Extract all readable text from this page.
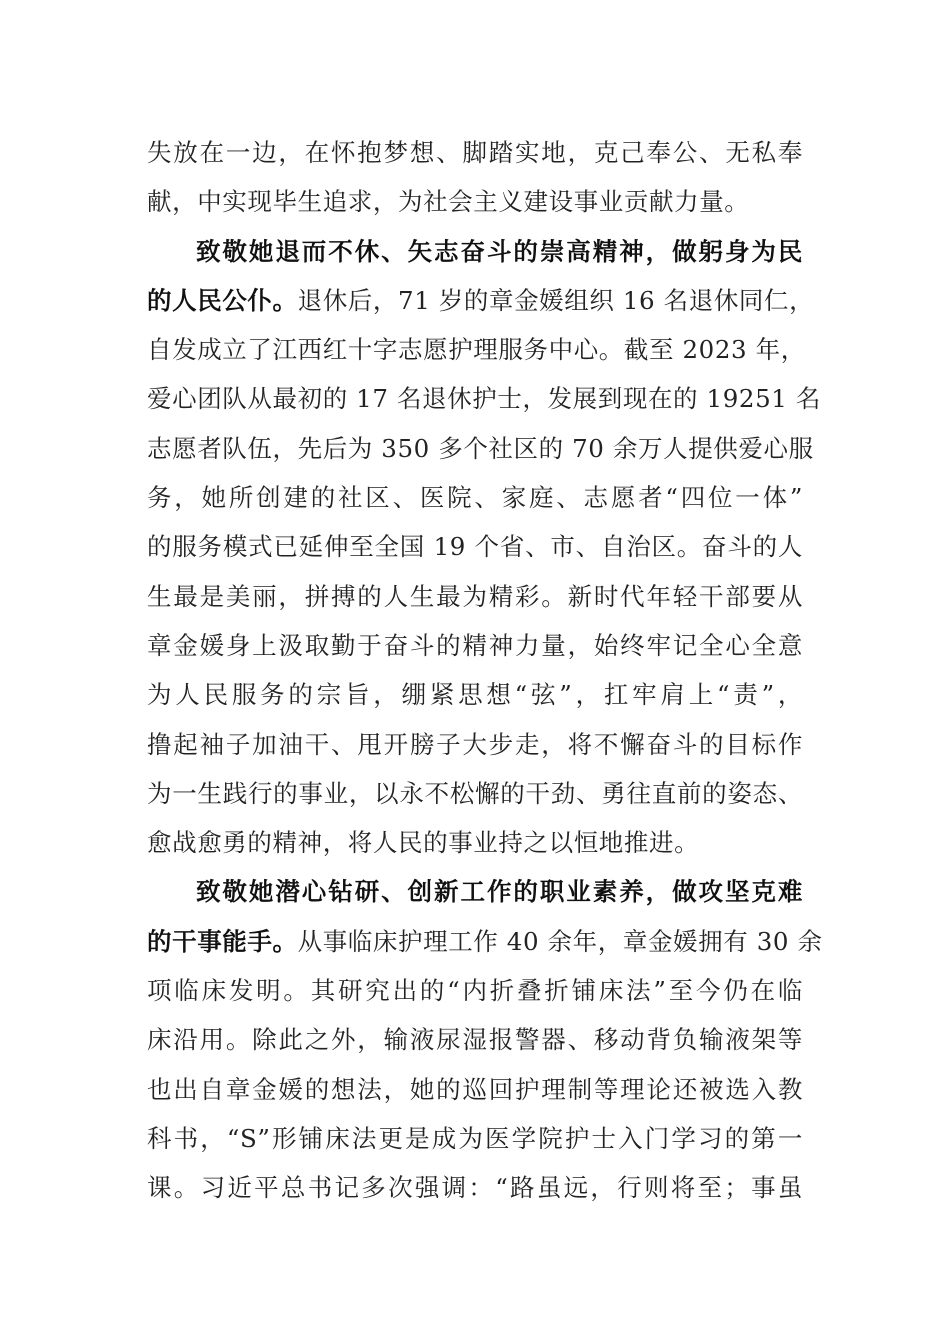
失放在一边，在怀抱梦想、脚踏实地，克己奉公、无私奉
献，中实现毕生追求，为社会主义建设事业贡献力量。
致敬她退而不休、矢志奋斗的崇高精神，做躬身为民
的人民公仆。退休后，71 岁的章金媛组织 16 名退休同仁，
自发成立了江西红十字志愿护理服务中心。截至 2023 年，
爱心团队从最初的 17 名退休护士，发展到现在的 19251 名
志愿者队伍，先后为 350 多个社区的 70 余万人提供爱心服
务，她所创建的社区、医院、家庭、志愿者“四位一体”
的服务模式已延伸至全国 19 个省、市、自治区。奋斗的人
生最是美丽，拼搏的人生最为精彩。新时代年轻干部要从
章金媛身上汲取勤于奋斗的精神力量，始终牢记全心全意
为人民服务的宗旨，绷紧思想“弦”，扛牢肩上“责”，
撸起袖子加油干、甩开膀子大步走，将不懈奋斗的目标作
为一生践行的事业，以永不松懈的干劲、勇往直前的姿态、
愈战愈勇的精神，将人民的事业持之以恒地推进。
致敬她潜心钻研、创新工作的职业素养，做攻坚克难
的干事能手。从事临床护理工作 40 余年，章金媛拥有 30 余
项临床发明。其研究出的“内折叠折铺床法”至今仍在临
床沿用。除此之外，输液尿湿报警器、移动背负输液架等
也出自章金媛的想法，她的巡回护理制等理论还被选入教
科书，“S”形铺床法更是成为医学院护士入门学习的第一
课。习近平总书记多次强调：“路虽远，行则将至；事虽
